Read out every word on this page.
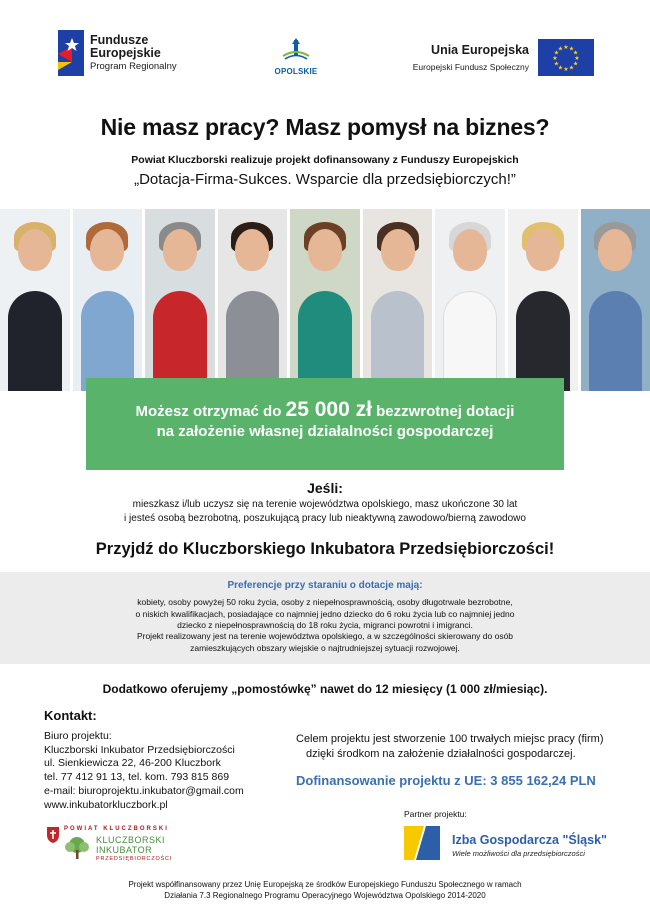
Fundusze
Europejskie
Program Regionalny	OPOLSKIE
Unia Europejska
Europejski Fundusz Społeczny
★
★
★
★
★
★
★
★
★ ★ ★
★
Nie masz pracy? Masz pomysł na biznes?
Powiat Kluczborski realizuje projekt dofinansowany z Funduszy Europejskich
„Dotacja-Firma-Sukces. Wsparcie dla przedsiębiorczych!”
Możesz otrzymać do 25 000 zł bezzwrotnej dotacji
na założenie własnej działalności gospodarczej
Jeśli:
mieszkasz i/lub uczysz się na terenie województwa opolskiego, masz ukończone 30 lat
i jesteś osobą bezrobotną, poszukującą pracy lub nieaktywną zawodowo/bierną zawodowo
Przyjdź do Kluczborskiego Inkubatora Przedsiębiorczości!
Preferencje przy staraniu o dotacje mają:
kobiety, osoby powyżej 50 roku życia, osoby z niepełnosprawnością, osoby długotrwale bezrobotne,
o niskich kwalifikacjach, posiadające co najmniej jedno dziecko do 6 roku życia lub co najmniej jedno
dziecko z niepełnosprawnością do 18 roku życia, migranci powrotni i imigranci.
Projekt realizowany jest na terenie województwa opolskiego, a w szczególności skierowany do osób
zamieszkujących obszary wiejskie o najtrudniejszej sytuacji rozwojowej.
Dodatkowo oferujemy „pomostówkę” nawet do 12 miesięcy (1 000 zł/miesiąc).
Kontakt:
Biuro projektu:
Kluczborski Inkubator Przedsiębiorczości
ul. Sienkiewicza 22, 46-200 Kluczbork
tel. 77 412 91 13, tel. kom. 793 815 869
e-mail: biuroprojektu.inkubator@gmail.com
www.inkubatorkluczbork.pl
Celem projektu jest stworzenie 100 trwałych miejsc pracy (firm)
dzięki środkom na założenie działalności gospodarczej.
Dofinansowanie projektu z UE: 3 855 162,24 PLN
POWIAT KLUCZBORSKI
KLUCZBORSKI
INKUBATOR
PRZEDSIĘBIORCZOŚCI
Partner projektu:
Izba Gospodarcza "Śląsk"
Wiele możliwości dla przedsiębiorczości
Projekt współfinansowany przez Unię Europejską ze środków Europejskiego Funduszu Społecznego w ramach
Działania 7.3 Regionalnego Programu Operacyjnego Województwa Opolskiego 2014-2020
